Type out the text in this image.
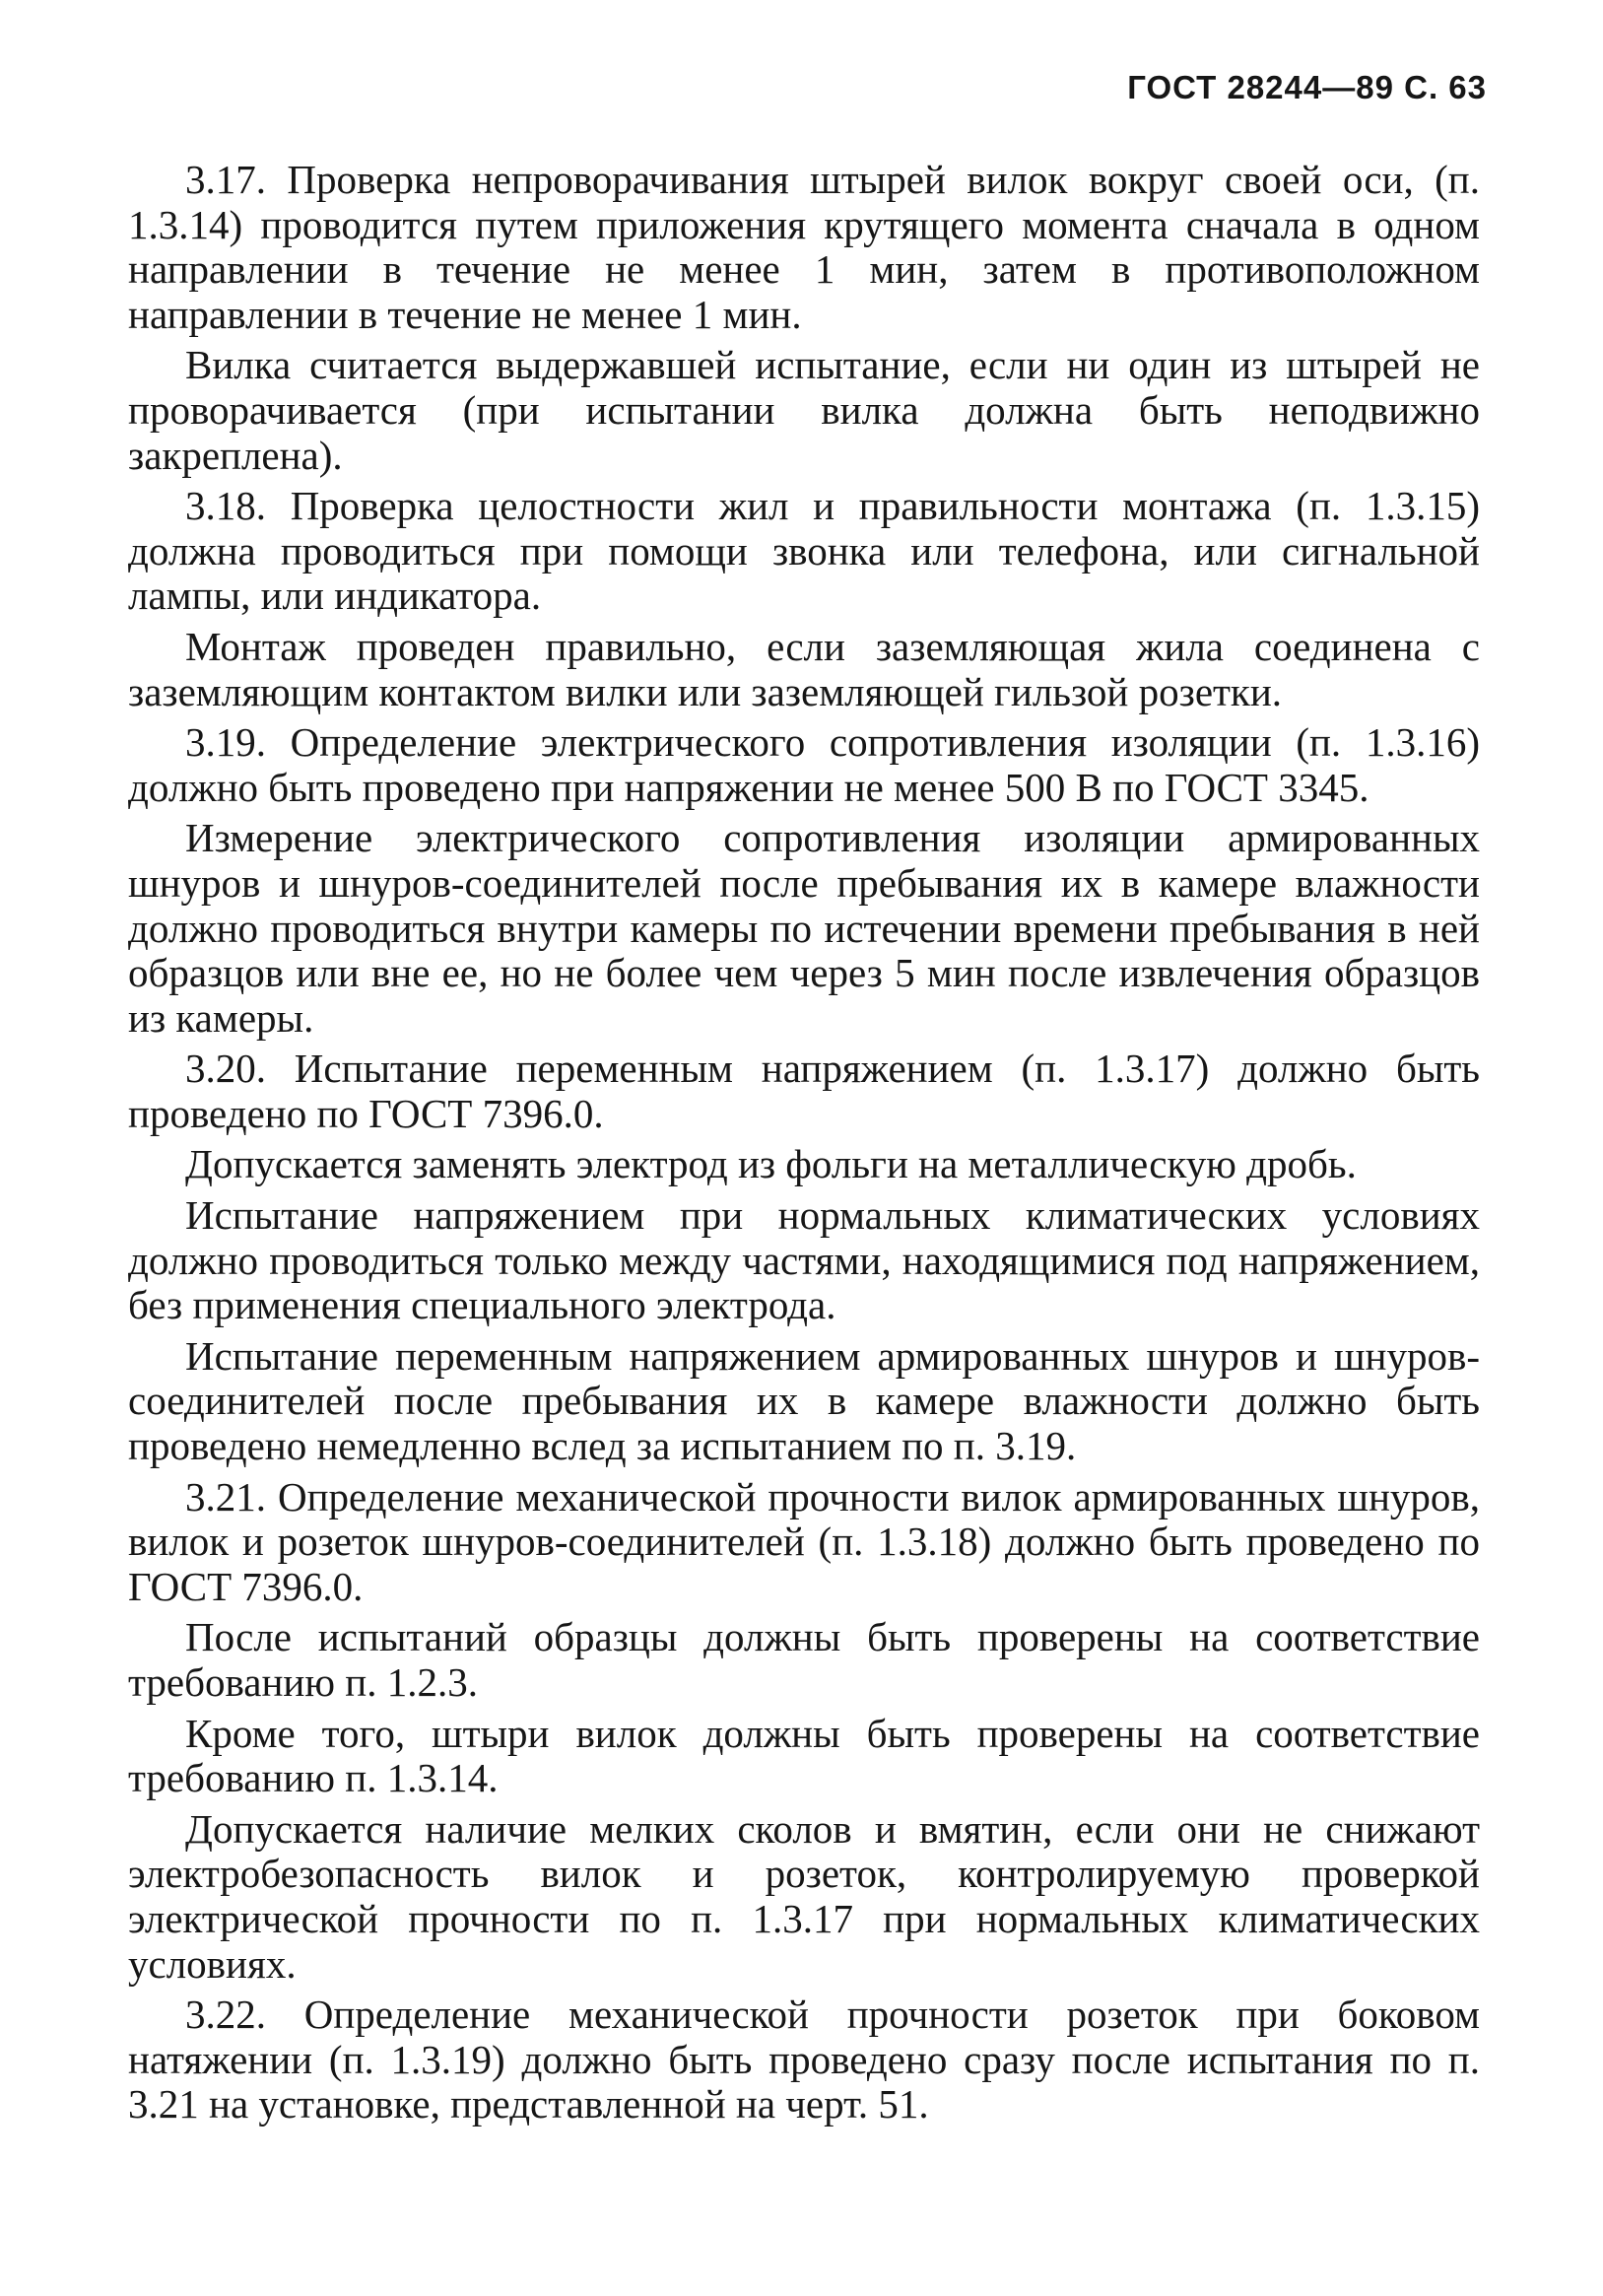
ГОСТ 28244—89 С. 63

3.17. Проверка непроворачивания штырей вилок вокруг своей оси, (п. 1.3.14) проводится путем приложения крутящего момента сначала в одном направлении в течение не менее 1 мин, затем в противоположном направлении в течение не менее 1 мин.

Вилка считается выдержавшей испытание, если ни один из штырей не проворачивается (при испытании вилка должна быть неподвижно закреплена).

3.18. Проверка целостности жил и правильности монтажа (п. 1.3.15) должна проводиться при помощи звонка или телефона, или сигнальной лампы, или индикатора.

Монтаж проведен правильно, если заземляющая жила соединена с заземляющим контактом вилки или заземляющей гильзой розетки.

3.19. Определение электрического сопротивления изоляции (п. 1.3.16) должно быть проведено при напряжении не менее 500 В по ГОСТ 3345.

Измерение электрического сопротивления изоляции армированных шнуров и шнуров-соединителей после пребывания их в камере влажности должно проводиться внутри камеры по истечении времени пребывания в ней образцов или вне ее, но не более чем через 5 мин после извлечения образцов из камеры.

3.20. Испытание переменным напряжением (п. 1.3.17) должно быть проведено по ГОСТ 7396.0.

Допускается заменять электрод из фольги на металлическую дробь.

Испытание напряжением при нормальных климатических условиях должно проводиться только между частями, находящимися под напряжением, без применения специального электрода.

Испытание переменным напряжением армированных шнуров и шнуров-соединителей после пребывания их в камере влажности должно быть проведено немедленно вслед за испытанием по п. 3.19.

3.21. Определение механической прочности вилок армированных шнуров, вилок и розеток шнуров-соединителей (п. 1.3.18) должно быть проведено по ГОСТ 7396.0.

После испытаний образцы должны быть проверены на соответствие требованию п. 1.2.3.

Кроме того, штыри вилок должны быть проверены на соответствие требованию п. 1.3.14.

Допускается наличие мелких сколов и вмятин, если они не снижают электробезопасность вилок и розеток, контролируемую проверкой электрической прочности по п. 1.3.17 при нормальных климатических условиях.

3.22. Определение механической прочности розеток при боковом натяжении (п. 1.3.19) должно быть проведено сразу после испытания по п. 3.21 на установке, представленной на черт. 51.
